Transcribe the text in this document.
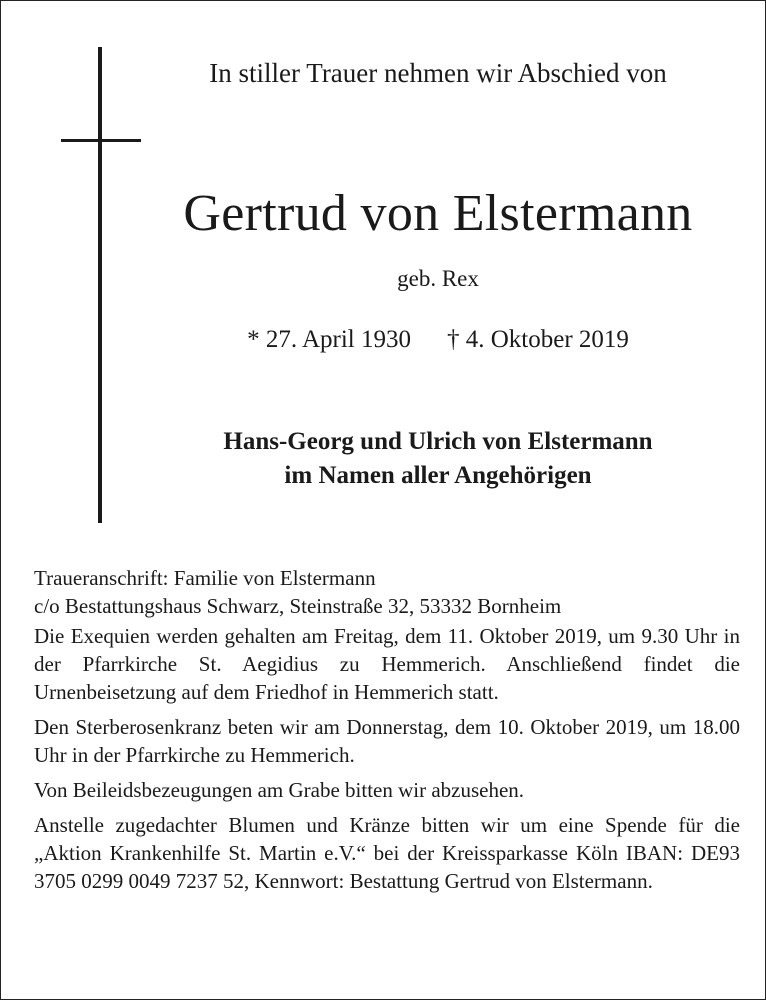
In stiller Trauer nehmen wir Abschied von
Gertrud von Elstermann
geb. Rex
* 27. April 1930 † 4. Oktober 2019
Hans-Georg und Ulrich von Elstermann
im Namen aller Angehörigen
Traueranschrift: Familie von Elstermann
c/o Bestattungshaus Schwarz, Steinstraße 32, 53332 Bornheim
Die Exequien werden gehalten am Freitag, dem 11. Oktober 2019, um 9.30 Uhr in der Pfarrkirche St. Aegidius zu Hemmerich. Anschließend findet die Urnenbeisetzung auf dem Friedhof in Hemmerich statt.
Den Sterberosenkranz beten wir am Donnerstag, dem 10. Oktober 2019, um 18.00 Uhr in der Pfarrkirche zu Hemmerich.
Von Beileidsbezeugungen am Grabe bitten wir abzusehen.
Anstelle zugedachter Blumen und Kränze bitten wir um eine Spende für die „Aktion Krankenhilfe St. Martin e.V.“ bei der Kreissparkasse Köln IBAN: DE93 3705 0299 0049 7237 52, Kennwort: Bestattung Gertrud von Elstermann.
